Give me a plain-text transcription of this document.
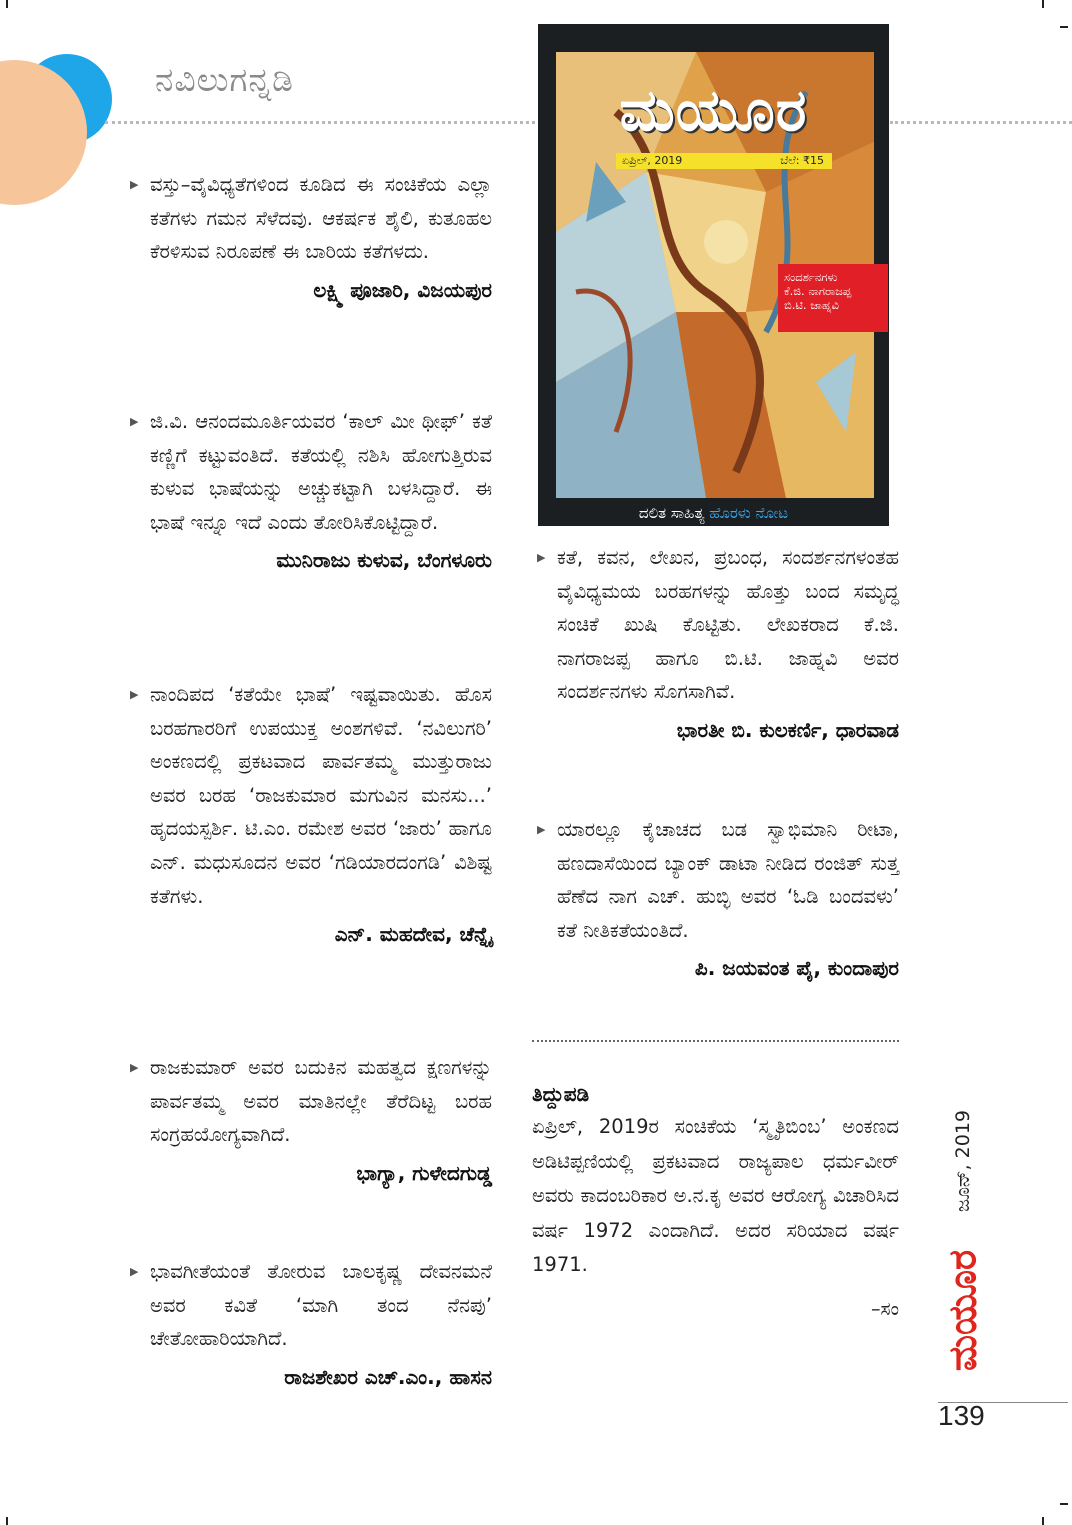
ನವಿಲುಗನ್ನಡಿ
▶ ವಸ್ತು–ವೈವಿಧ್ಯತೆಗಳಿಂದ ಕೂಡಿದ ಈ ಸಂಚಿಕೆಯ ಎಲ್ಲಾ ಕತೆಗಳು ಗಮನ ಸೆಳೆದವು. ಆಕರ್ಷಕ ಶೈಲಿ, ಕುತೂಹಲ ಕೆರಳಿಸುವ ನಿರೂಪಣೆ ಈ ಬಾರಿಯ ಕತೆಗಳದು.
ಲಕ್ಷ್ಮಿ ಪೂಜಾರಿ, ವಿಜಯಪುರ
▶ ಜಿ.ವಿ. ಆನಂದಮೂರ್ತಿಯವರ ‘ಕಾಲ್ ಮೀ ಥೀಫ್’ ಕತೆ ಕಣ್ಣಿಗೆ ಕಟ್ಟುವಂತಿದೆ. ಕತೆಯಲ್ಲಿ ನಶಿಸಿ ಹೋಗುತ್ತಿರುವ ಕುಳುವ ಭಾಷೆಯನ್ನು ಅಚ್ಚುಕಟ್ಟಾಗಿ ಬಳಸಿದ್ದಾರೆ. ಈ ಭಾಷೆ ಇನ್ನೂ ಇದೆ ಎಂದು ತೋರಿಸಿಕೊಟ್ಟಿದ್ದಾರೆ.
ಮುನಿರಾಜು ಕುಳುವ, ಬೆಂಗಳೂರು
▶ ನಾಂದಿಪದ ‘ಕತೆಯೇ ಭಾಷೆ’ ಇಷ್ಟವಾಯಿತು. ಹೊಸ ಬರಹಗಾರರಿಗೆ ಉಪಯುಕ್ತ ಅಂಶಗಳಿವೆ. ‘ನವಿಲುಗರಿ’ ಅಂಕಣದಲ್ಲಿ ಪ್ರಕಟವಾದ ಪಾರ್ವತಮ್ಮ ಮುತ್ತುರಾಜು ಅವರ ಬರಹ ‘ರಾಜಕುಮಾರ ಮಗುವಿನ ಮನಸು...’ ಹೃದಯಸ್ಪರ್ಶಿ. ಟಿ.ಎಂ. ರಮೇಶ ಅವರ ‘ಜಾರು’ ಹಾಗೂ ಎನ್. ಮಧುಸೂದನ ಅವರ ‘ಗಡಿಯಾರದಂಗಡಿ’ ವಿಶಿಷ್ಟ ಕತೆಗಳು.
ಎನ್. ಮಹದೇವ, ಚೆನ್ನೈ
▶ ರಾಜಕುಮಾರ್ ಅವರ ಬದುಕಿನ ಮಹತ್ವದ ಕ್ಷಣಗಳನ್ನು ಪಾರ್ವತಮ್ಮ ಅವರ ಮಾತಿನಲ್ಲೇ ತೆರೆದಿಟ್ಟ ಬರಹ ಸಂಗ್ರಹಯೋಗ್ಯವಾಗಿದೆ.
ಭಾಗ್ಯಾ, ಗುಳೇದಗುಡ್ಡ
▶ ಭಾವಗೀತೆಯಂತೆ ತೋರುವ ಬಾಲಕೃಷ್ಣ ದೇವನಮನೆ ಅವರ ಕವಿತೆ ‘ಮಾಗಿ ತಂದ ನೆನಪು’ ಚೇತೋಹಾರಿಯಾಗಿದೆ.
ರಾಜಶೇಖರ ಎಚ್.ಎಂ., ಹಾಸನ
ಮಯೂರ
ಏಪ್ರಿಲ್, 2019	ಬೆಲೆ: ₹15
ಸಂದರ್ಶನಗಳು
ಕೆ.ಜಿ. ನಾಗರಾಜಪ್ಪ
ಬಿ.ಟಿ. ಜಾಹ್ನವಿ
ದಲಿತ ಸಾಹಿತ್ಯ ಹೊರಳು ನೋಟ
▶ ಕತೆ, ಕವನ, ಲೇಖನ, ಪ್ರಬಂಧ, ಸಂದರ್ಶನಗಳಂತಹ ವೈವಿಧ್ಯಮಯ ಬರಹಗಳನ್ನು ಹೊತ್ತು ಬಂದ ಸಮೃದ್ಧ ಸಂಚಿಕೆ ಖುಷಿ ಕೊಟ್ಟಿತು. ಲೇಖಕರಾದ ಕೆ.ಜಿ. ನಾಗರಾಜಪ್ಪ ಹಾಗೂ ಬಿ.ಟಿ. ಜಾಹ್ನವಿ ಅವರ ಸಂದರ್ಶನಗಳು ಸೊಗಸಾಗಿವೆ.
ಭಾರತೀ ಬಿ. ಕುಲಕರ್ಣಿ, ಧಾರವಾಡ
▶ ಯಾರಲ್ಲೂ ಕೈಚಾಚದ ಬಡ ಸ್ವಾಭಿಮಾನಿ ರೀಟಾ, ಹಣದಾಸೆಯಿಂದ ಬ್ಯಾಂಕ್ ಡಾಟಾ ನೀಡಿದ ರಂಜಿತ್ ಸುತ್ತ ಹೆಣೆದ ನಾಗ ಎಚ್. ಹುಬ್ಳಿ ಅವರ ‘ಓಡಿ ಬಂದವಳು’ ಕತೆ ನೀತಿಕತೆಯಂತಿದೆ.
ಪಿ. ಜಯವಂತ ಪೈ, ಕುಂದಾಪುರ
ತಿದ್ದುಪಡಿ
ಏಪ್ರಿಲ್, 2019ರ ಸಂಚಿಕೆಯ ‘ಸ್ಮೃತಿಬಿಂಬ’ ಅಂಕಣದ ಅಡಿಟಿಪ್ಪಣಿಯಲ್ಲಿ ಪ್ರಕಟವಾದ ರಾಜ್ಯಪಾಲ ಧರ್ಮವೀರ್ ಅವರು ಕಾದಂಬರಿಕಾರ ಅ.ನ.ಕೃ ಅವರ ಆರೋಗ್ಯ ವಿಚಾರಿಸಿದ ವರ್ಷ 1972 ಎಂದಾಗಿದೆ. ಅದರ ಸರಿಯಾದ ವರ್ಷ 1971.
–ಸಂ
ಜೂನ್, 2019
ಮಯೂರ
139
